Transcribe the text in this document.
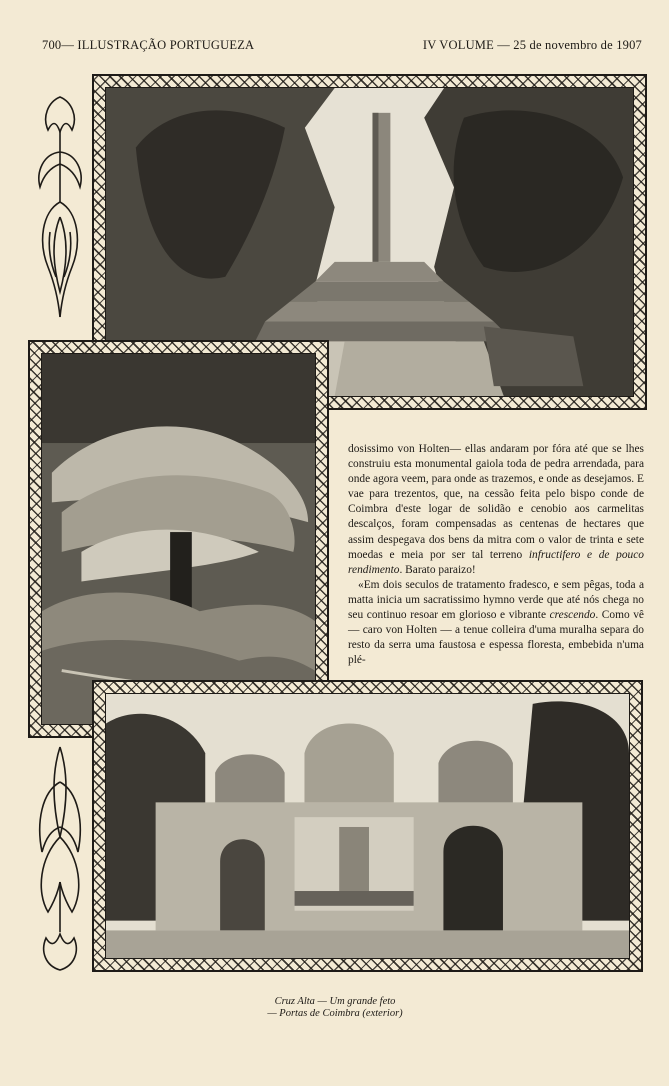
700— ILLUSTRAÇÃO PORTUGUEZA	IV VOLUME — 25 de novembro de 1907

dosissimo von Holten— ellas andaram por fóra até que se lhes construiu esta monumental gaiola toda de pedra arrendada, para onde agora veem, para onde as trazemos, e onde as desejamos. E vae para trezentos, que, na cessão feita pelo bispo conde de Coimbra d'este logar de solidão e cenobio aos carmelitas descalços, foram compensadas as centenas de hectares que assim despegava dos bens da mitra com o valor de trinta e sete moedas e meia por ser tal terreno infructifero e de pouco rendimento. Barato paraizo!

«Em dois seculos de tratamento fradesco, e sem pêgas, toda a matta inicia um sacratissimo hymno verde que até nós chega no seu continuo resoar em glorioso e vibrante crescendo. Como vê — caro von Holten — a tenue colleira d'uma muralha separa do resto da serra uma faustosa e espessa floresta, embebida n'uma plé-

Cruz Alta — Um grande feto
— Portas de Coimbra (exterior)
